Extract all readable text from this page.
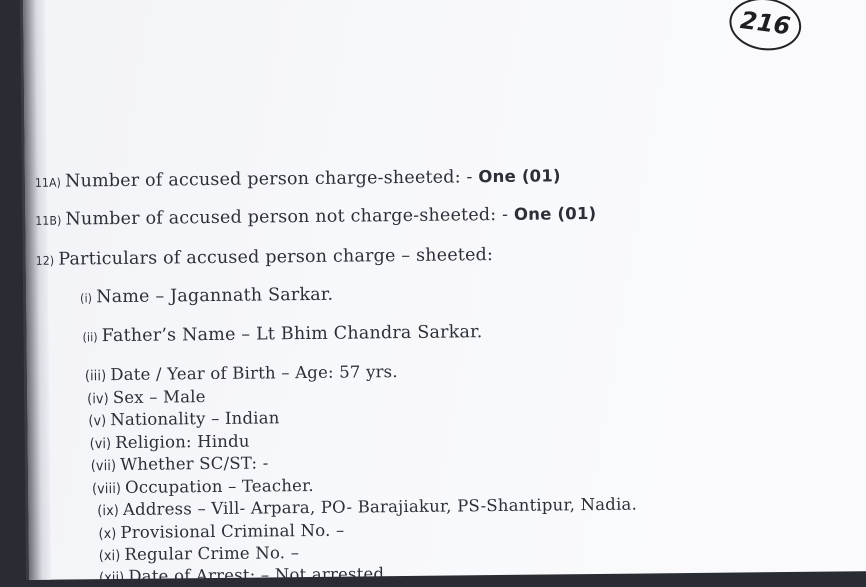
216
11A) Number of accused person charge-sheeted: - One (01)
11B) Number of accused person not charge-sheeted: - One (01)
12) Particulars of accused person charge – sheeted:
(i) Name – Jagannath Sarkar.
(ii) Father’s Name – Lt Bhim Chandra Sarkar.
(iii) Date / Year of Birth – Age: 57 yrs.
(iv) Sex – Male
(v) Nationality – Indian
(vi) Religion: Hindu
(vii) Whether SC/ST: -
(viii) Occupation – Teacher.
(ix) Address – Vill- Arpara, PO- Barajiakur, PS-Shantipur, Nadia.
(x) Provisional Criminal No. –
(xi) Regular Crime No. –
(xii) Date of Arrest: – Not arrested.
